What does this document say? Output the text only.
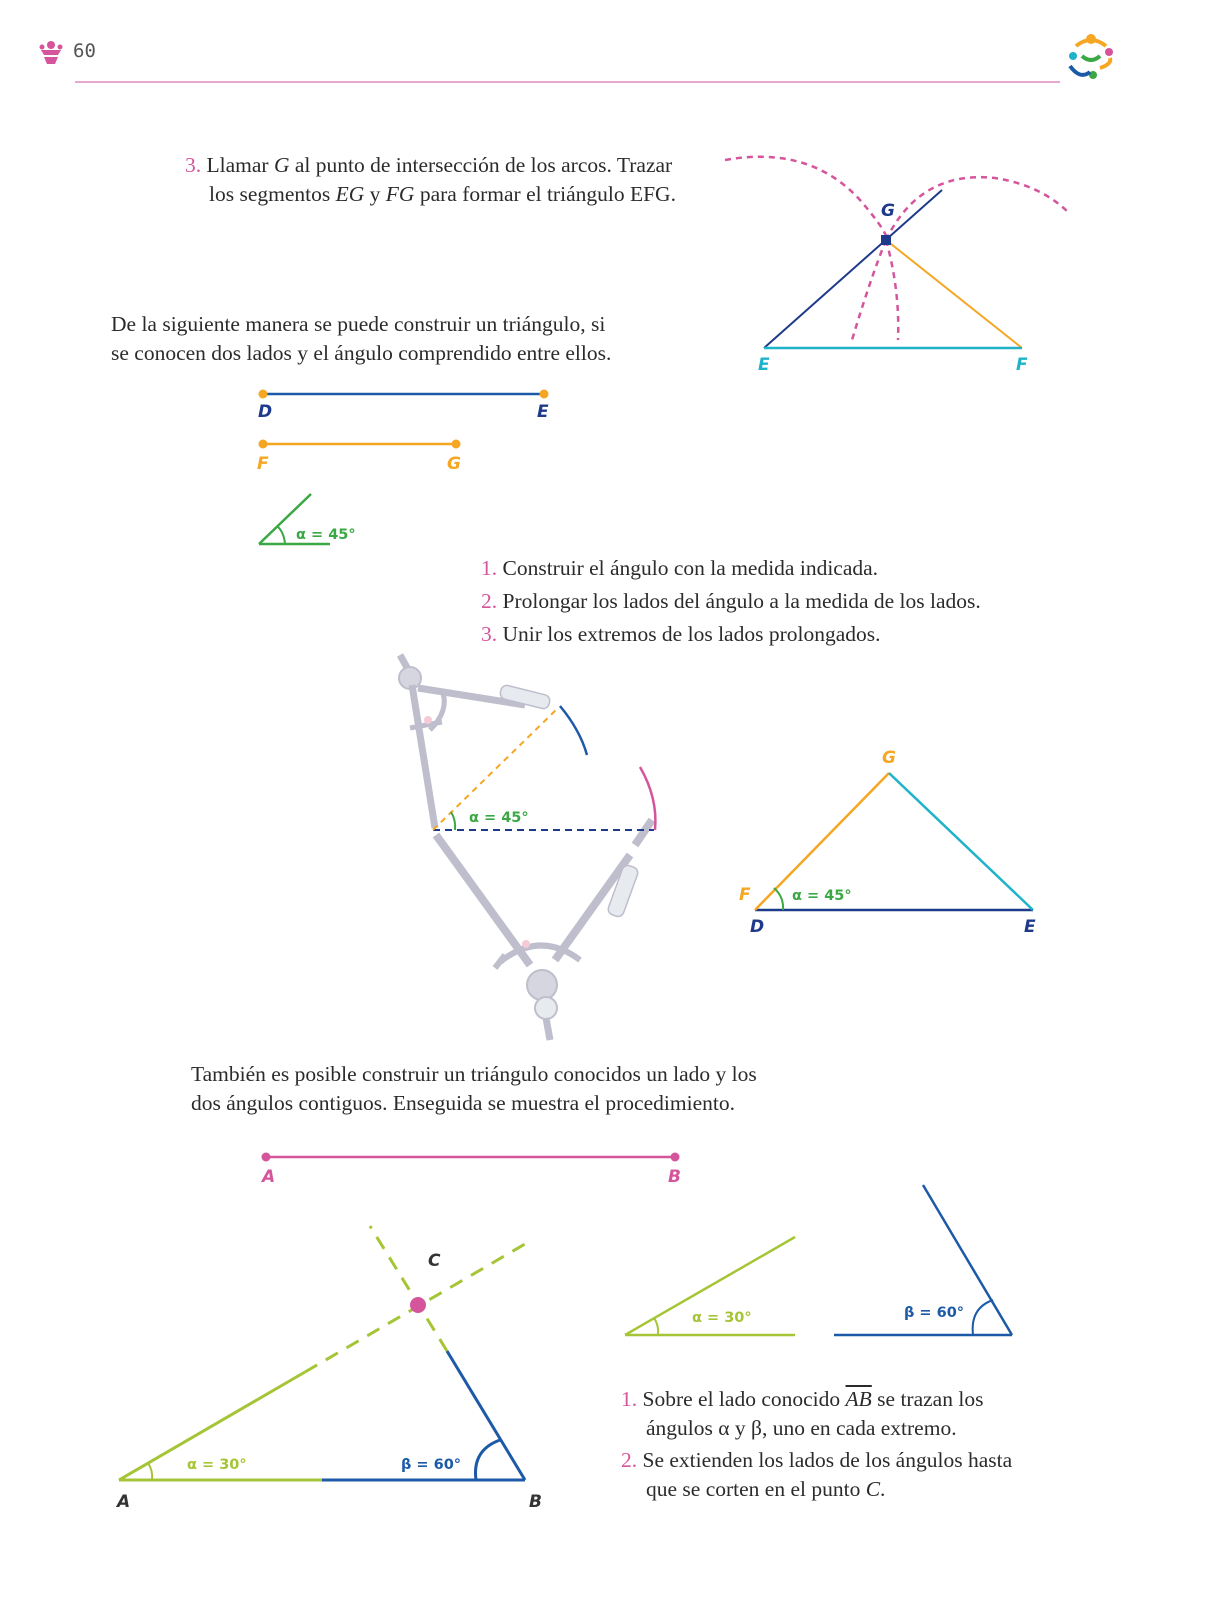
60
3. Llamar G al punto de intersección de los arcos. Trazar
los segmentos EG y FG para formar el triángulo EFG.
G
E	F
De la siguiente manera se puede construir un triángulo, si
se conocen dos lados y el ángulo comprendido entre ellos.
D	E
F	G
α = 45°
1. Construir el ángulo con la medida indicada.
2. Prolongar los lados del ángulo a la medida de los lados.
3. Unir los extremos de los lados prolongados.
α = 45°
α = 45°
G
F
D	E
También es posible construir un triángulo conocidos un lado y los
dos ángulos contiguos. Enseguida se muestra el procedimiento.
A	B
α = 30°	β = 60°
C
A	B
α = 30°	β = 60°
1. Sobre el lado conocido $\overline{AB}$ se trazan los
ángulos α y β, uno en cada extremo.
2. Se extienden los lados de los ángulos hasta
que se corten en el punto C.
